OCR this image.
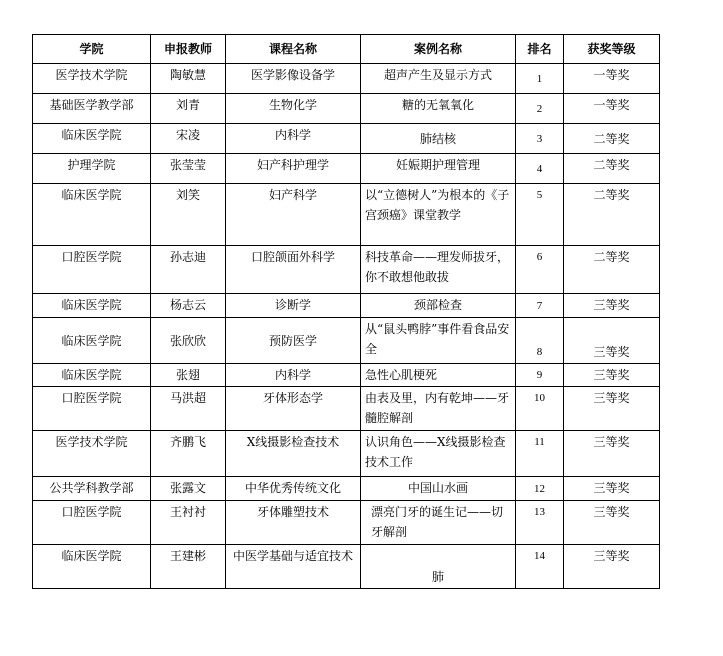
学院	申报教师	课程名称	案例名称	排名	获奖等级
医学技术学院	陶敏慧	医学影像设备学	超声产生及显示方式	1	一等奖
基础医学教学部	刘青	生物化学	糖的无氧氧化	2	一等奖
临床医学院	宋凌	内科学	肺结核	3	二等奖
护理学院	张莹莹	妇产科护理学	妊娠期护理管理	4	二等奖
临床医学院	刘笑	妇产科学	以“立德树人”为根本的《子宫颈癌》课堂教学	5	二等奖
口腔医学院	孙志迪	口腔颌面外科学	科技革命——理发师拔牙，你不敢想他敢拔	6	二等奖
临床医学院	杨志云	诊断学	颈部检查	7	三等奖
临床医学院	张欣欣	预防医学	从“鼠头鸭脖”事件看食品安全	8	三等奖
临床医学院	张翅	内科学	急性心肌梗死	9	三等奖
口腔医学院	马洪超	牙体形态学	由表及里，内有乾坤——牙髓腔解剖	10	三等奖
医学技术学院	齐鹏飞	X线摄影检查技术	认识角色——X线摄影检查技术工作	11	三等奖
公共学科教学部	张露文	中华优秀传统文化	中国山水画	12	三等奖
口腔医学院	王衬衬	牙体雕塑技术	漂亮门牙的诞生记——切牙解剖	13	三等奖
临床医学院	王建彬	中医学基础与适宜技术	肺	14	三等奖
